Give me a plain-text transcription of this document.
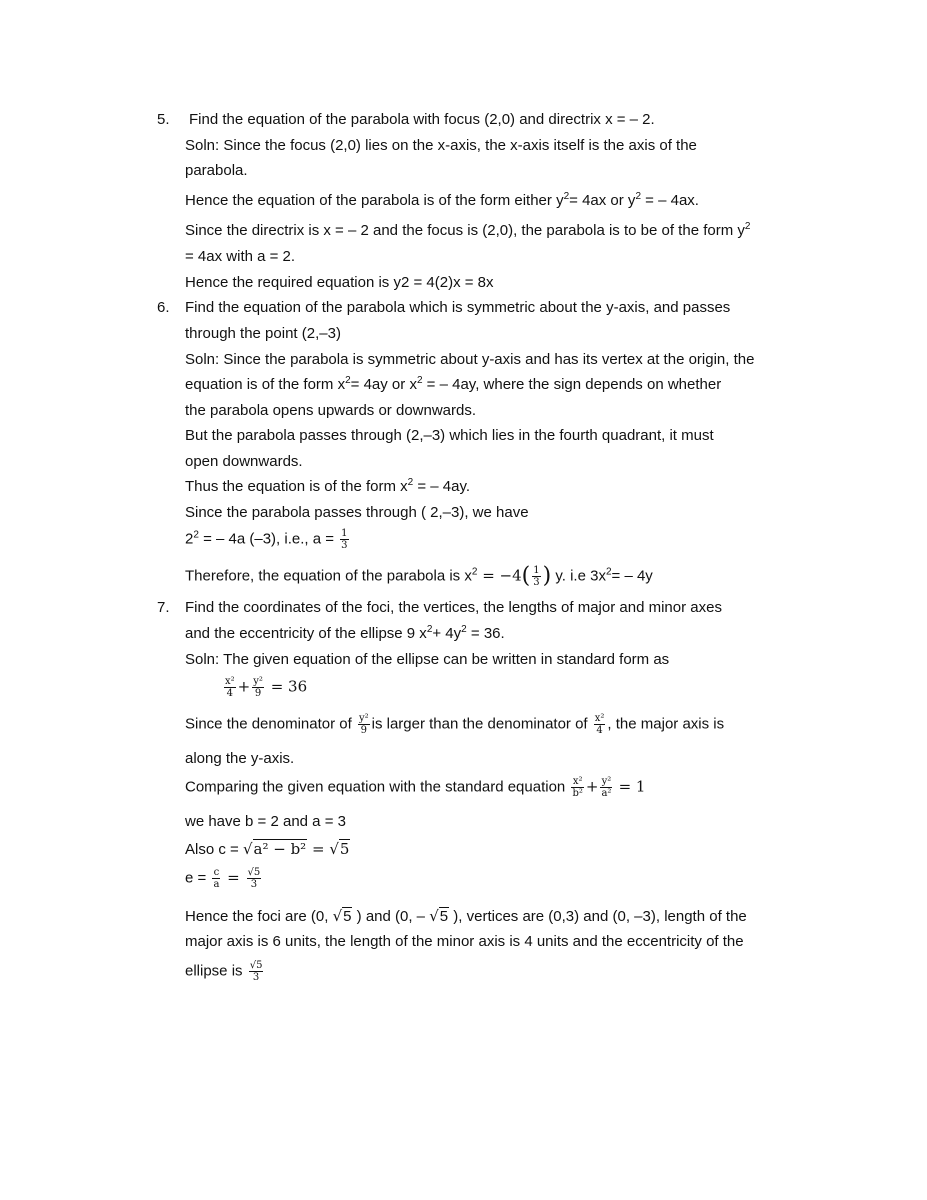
5. Find the equation of the parabola with focus (2,0) and directrix x = – 2.
Soln: Since the focus (2,0) lies on the x-axis, the x-axis itself is the axis of the
parabola.
Hence the equation of the parabola is of the form either $y^2= 4ax$ or $y^2$ = – 4ax.
Since the directrix is x = – 2 and the focus is (2,0), the parabola is to be of the form $y^2$
= 4ax with a = 2.
Hence the required equation is y2 = 4(2)x = 8x
6. Find the equation of the parabola which is symmetric about the y-axis, and passes
through the point (2,–3)
Soln: Since the parabola is symmetric about y-axis and has its vertex at the origin, the
equation is of the form $x^2= 4ay$ or $x^2$ = – 4ay, where the sign depends on whether
the parabola opens upwards or downwards.
But the parabola passes through (2,–3) which lies in the fourth quadrant, it must
open downwards.
Thus the equation is of the form $x^2$ = – 4ay.
Since the parabola passes through ( 2,–3), we have
$2^2$ = – 4a (–3), i.e., $a = \frac{1}{3}$
Therefore, the equation of the parabola is $x^2 = -4( \frac{1}{3}$ ) y. i.e $3x^2= - 4y$
7. Find the coordinates of the foci, the vertices, the lengths of major and minor axes
and the eccentricity of the ellipse 9 $x^2+ 4y^2 = 36$.
Soln: The given equation of the ellipse can be written in standard form as
$\frac{\text{x²}}{4} + \frac{\text{y²}}{9} = 36$
Since the denominator of $\frac{\text{y²}}{9}$ is larger than the denominator of $\frac{\text{x²}}{4}$ , the major axis is
along the y-axis.
Comparing the given equation with the standard equation $\frac{\text{x²}}{\text{b²}} + \frac{\text{y²}}{\text{a²}} = 1$
we have b = 2 and a = 3
Also c = √a² − b² = √5
$e = \frac{c}{a} = \frac{√5}{3}$
Hence the foci are (0, √5 ) and (0, – √5 ), vertices are (0,3) and (0, –3), length of the
major axis is 6 units, the length of the minor axis is 4 units and the eccentricity of the
ellipse is $\frac{√5}{3}$
